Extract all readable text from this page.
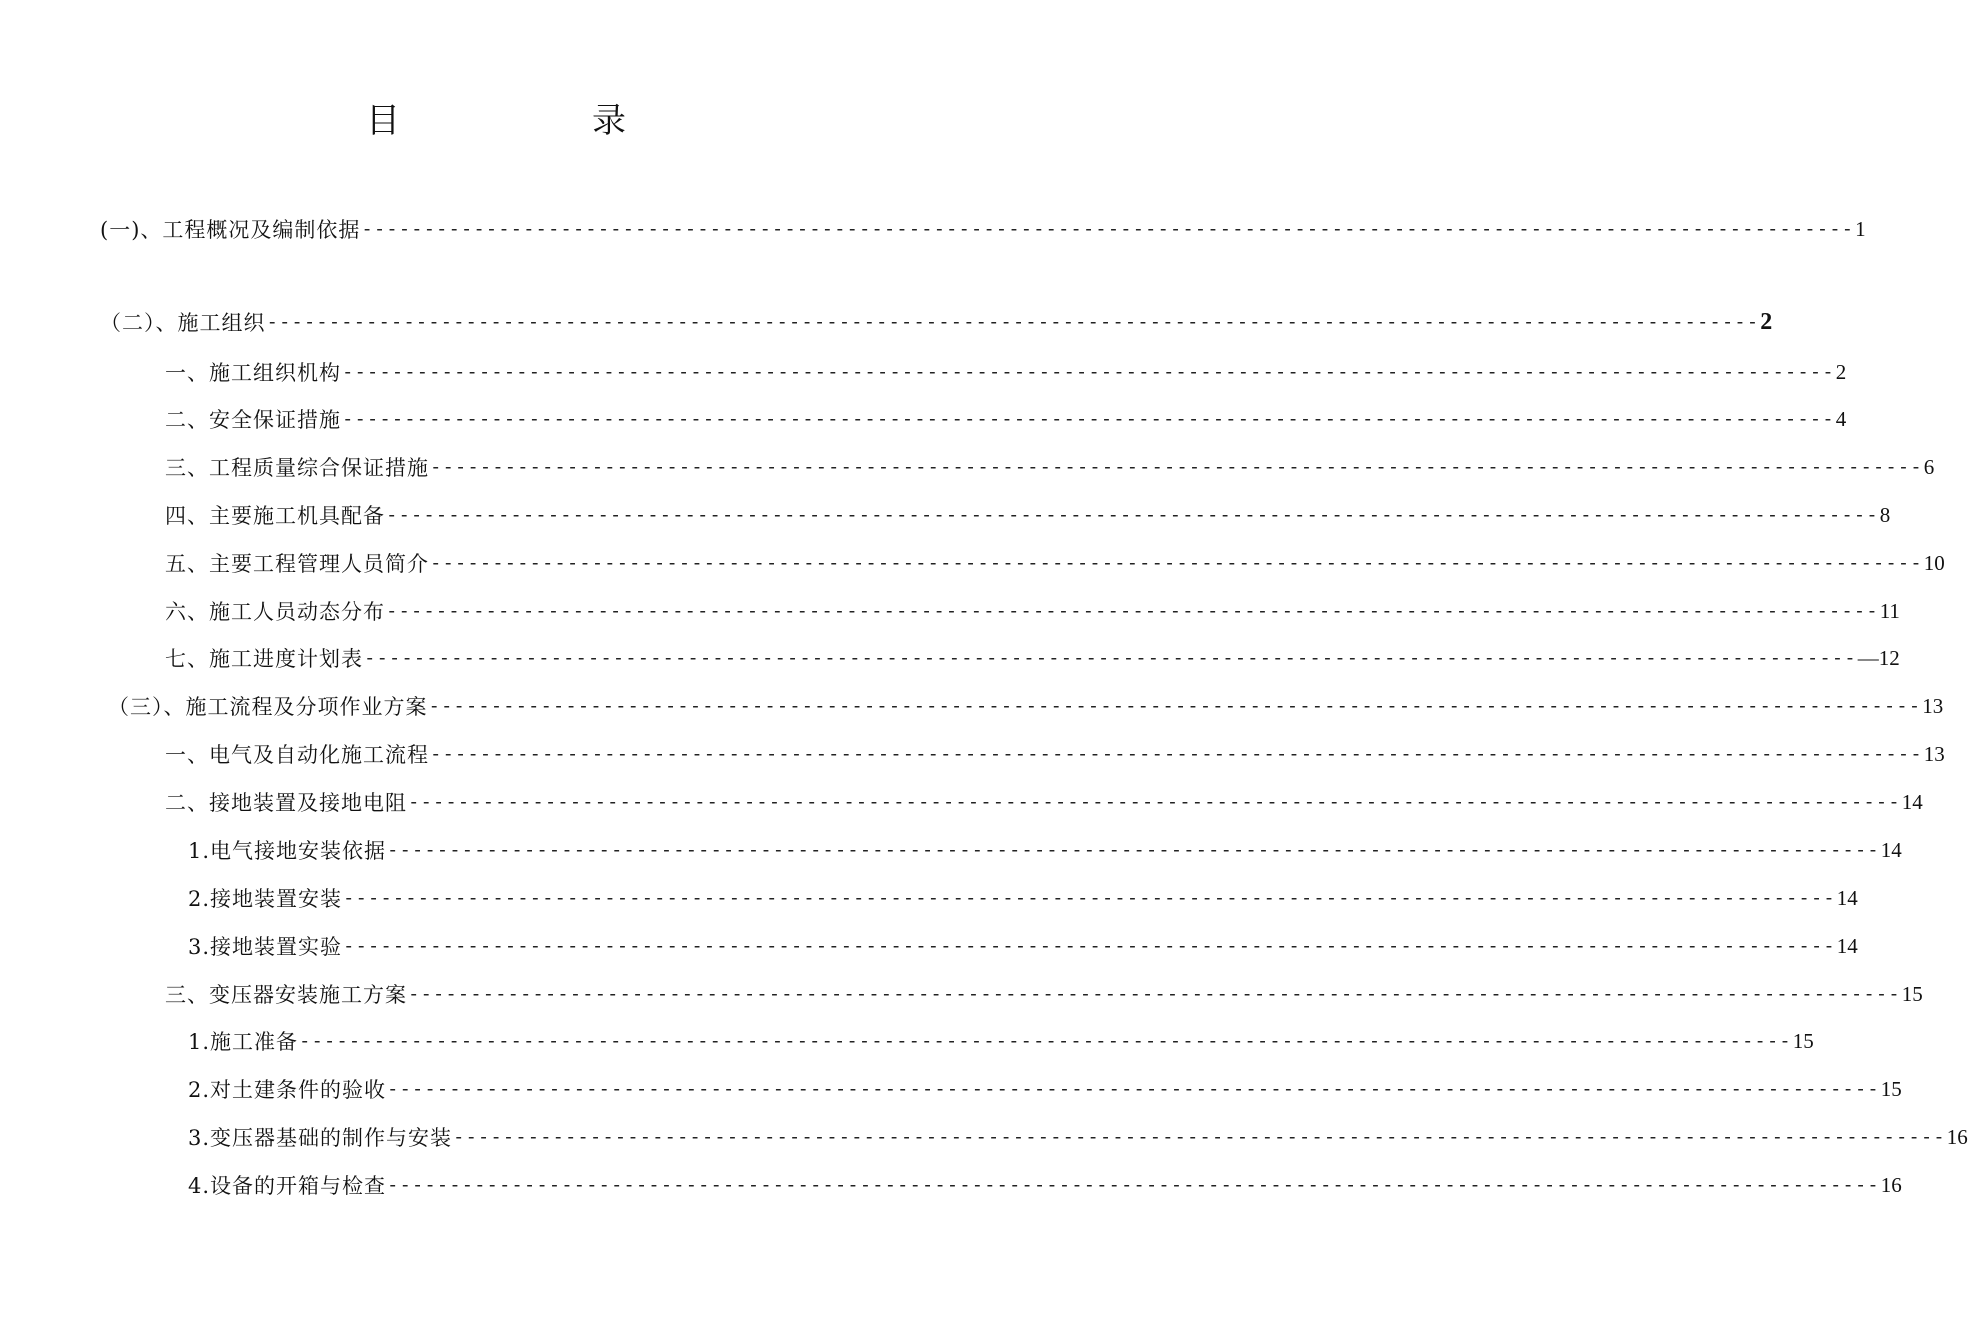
目	录
(一)、工程概况及编制依据 ------------------------------------------------------------------------------------------------------------------------ 1
（二）、施工组织 ------------------------------------------------------------------------------------------------------------------------ 2
一、施工组织机构 ------------------------------------------------------------------------------------------------------------------------ 2
二、安全保证措施 ------------------------------------------------------------------------------------------------------------------------ 4
三、工程质量综合保证措施 ------------------------------------------------------------------------------------------------------------------------ 6
四、主要施工机具配备 ------------------------------------------------------------------------------------------------------------------------ 8
五、主要工程管理人员简介 ------------------------------------------------------------------------------------------------------------------------ 10
六、施工人员动态分布 ------------------------------------------------------------------------------------------------------------------------ 11
七、施工进度计划表 ------------------------------------------------------------------------------------------------------------------------ —12
（三）、施工流程及分项作业方案 ------------------------------------------------------------------------------------------------------------------------ 13
一、电气及自动化施工流程 ------------------------------------------------------------------------------------------------------------------------ 13
二、接地装置及接地电阻 ------------------------------------------------------------------------------------------------------------------------ 14
1.电气接地安装依据 ------------------------------------------------------------------------------------------------------------------------ 14
2.接地装置安装 ------------------------------------------------------------------------------------------------------------------------ 14
3.接地装置实验 ------------------------------------------------------------------------------------------------------------------------ 14
三、变压器安装施工方案 ------------------------------------------------------------------------------------------------------------------------ 15
1.施工准备 ------------------------------------------------------------------------------------------------------------------------ 15
2.对土建条件的验收 ------------------------------------------------------------------------------------------------------------------------ 15
3.变压器基础的制作与安装 ------------------------------------------------------------------------------------------------------------------------ 16
4.设备的开箱与检查 ------------------------------------------------------------------------------------------------------------------------ 16
